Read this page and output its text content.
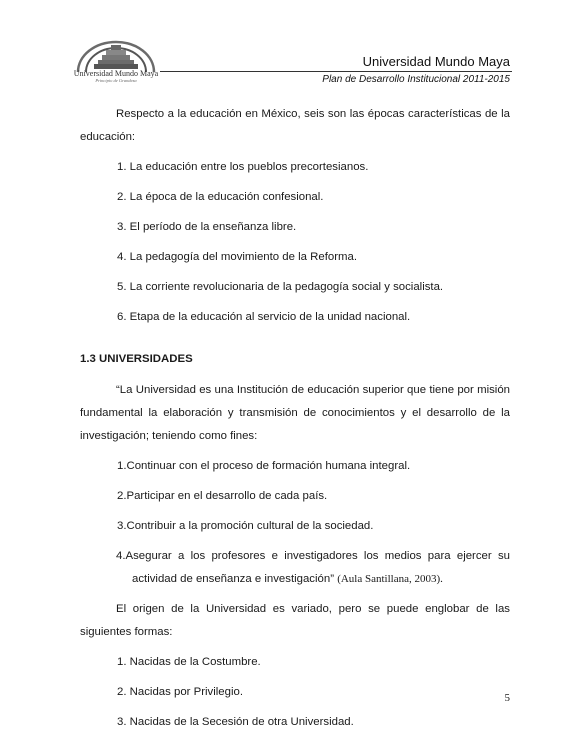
Universidad Mundo Maya
Principio de Grandeza
Universidad Mundo Maya
Plan de Desarrollo Institucional 2011-2015

Respecto a la educación en México, seis son las épocas características de la educación:

1. La educación entre los pueblos precortesianos.

2. La época de la educación confesional.

3. El período de la enseñanza libre.

4. La pedagogía del movimiento de la Reforma.

5. La corriente revolucionaria de la pedagogía social y socialista.

6. Etapa de la educación al servicio de la unidad nacional.

1.3 UNIVERSIDADES

“La Universidad es una Institución de educación superior que tiene por misión fundamental la elaboración y transmisión de conocimientos y el desarrollo de la investigación; teniendo como fines:

1.Continuar con el proceso de formación humana integral.

2.Participar en el desarrollo de cada país.

3.Contribuir a la promoción cultural de la sociedad.

4.Asegurar a los profesores e investigadores los medios para ejercer su actividad de enseñanza e investigación” (Aula Santillana, 2003).

El origen de la Universidad es variado, pero se puede englobar de las siguientes formas:

1. Nacidas de la Costumbre.

2. Nacidas por Privilegio.

3. Nacidas de la Secesión de otra Universidad.

5
